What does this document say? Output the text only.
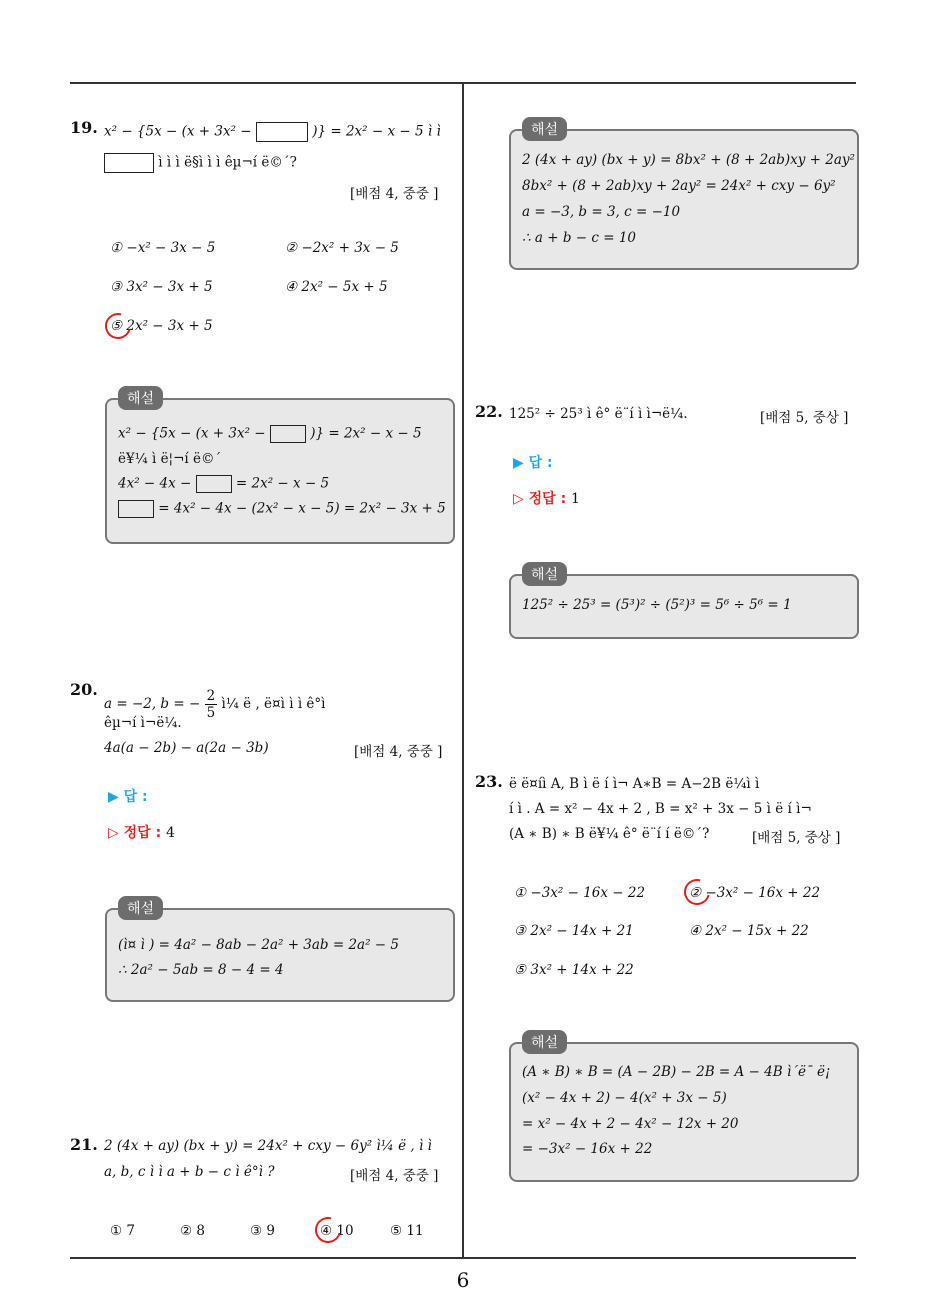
19. x² − {5x − (x + 3x² −	)} = 2x² − x − 5 ì ì
ì ì ì ë§ì ì ì êµ¬í ë©´?
[배점 4, 중중 ]
① −x² − 3x − 5	② −2x² + 3x − 5
③ 3x² − 3x + 5	④ 2x² − 5x + 5
⑤ 2x² − 3x + 5
해설
x² − {5x − (x + 3x² −	)} = 2x² − x − 5
ë¥¼ ì ë¦¬í ë©´
4x² − 4x −	= 2x² − x − 5
= 4x² − 4x − (2x² − x − 5) = 2x² − 3x + 5
20.
a = −2, b = − $\frac{2}{5}$ ì¼ ë , ë¤ì ì ì ê°ì
êµ¬í ì¬ë¼.
4a(a − 2b) − a(2a − 3b)	[배점 4, 중중 ]
▶ 답 :
▷ 정답 : 4
해설
(ì¤ ì ) = 4a² − 8ab − 2a² + 3ab = 2a² − 5
∴ 2a² − 5ab = 8 − 4 = 4
21. 2 (4x + ay) (bx + y) = 24x² + cxy − 6y² ì¼ ë , ì ì
a, b, c ì ì a + b − c ì ê°ì ?	[배점 4, 중중 ]
① 7	② 8	③ 9	④ 10	⑤ 11
해설
2 (4x + ay) (bx + y) = 8bx² + (8 + 2ab)xy + 2ay²
8bx² + (8 + 2ab)xy + 2ay² = 24x² + cxy − 6y²
a = −3, b = 3, c = −10
∴ a + b − c = 10
22. 125² ÷ 25³ ì ê° ë¨í ì ì¬ë¼.	[배점 5, 중상 ]
▶ 답 :
▷ 정답 : 1
해설
125² ÷ 25³ = (5³)² ÷ (5²)³ = 5⁶ ÷ 5⁶ = 1
23. ë ë¤íì A, B ì ë í ì¬ A∗B = A−2B ë¼ì ì
í ì . A = x² − 4x + 2 , B = x² + 3x − 5 ì ë í ì¬
(A ∗ B) ∗ B ë¥¼ ê° ë¨í í ë©´?	[배점 5, 중상 ]
① −3x² − 16x − 22	② −3x² − 16x + 22
③ 2x² − 14x + 21	④ 2x² − 15x + 22
⑤ 3x² + 14x + 22
해설
(A ∗ B) ∗ B = (A − 2B) − 2B = A − 4B ì´ë¯ ë¡
(x² − 4x + 2) − 4(x² + 3x − 5)
= x² − 4x + 2 − 4x² − 12x + 20
= −3x² − 16x + 22
6
